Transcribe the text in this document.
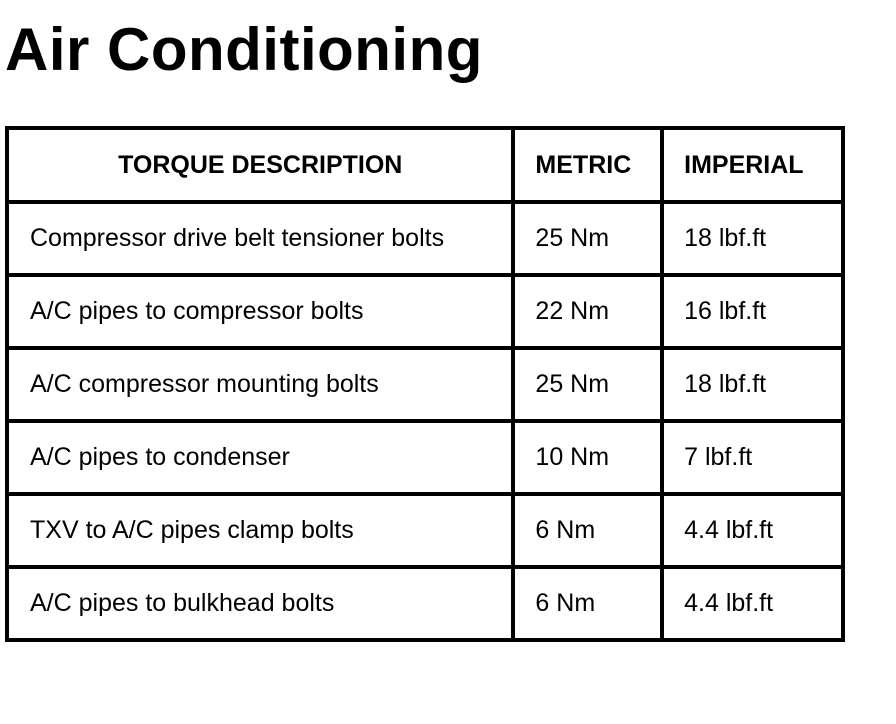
Air Conditioning
TORQUE DESCRIPTION	METRIC	IMPERIAL
Compressor drive belt tensioner bolts	25 Nm	18 lbf.ft
A/C pipes to compressor bolts	22 Nm	16 lbf.ft
A/C compressor mounting bolts	25 Nm	18 lbf.ft
A/C pipes to condenser	10 Nm	7 lbf.ft
TXV to A/C pipes clamp bolts	6 Nm	4.4 lbf.ft
A/C pipes to bulkhead bolts	6 Nm	4.4 lbf.ft
